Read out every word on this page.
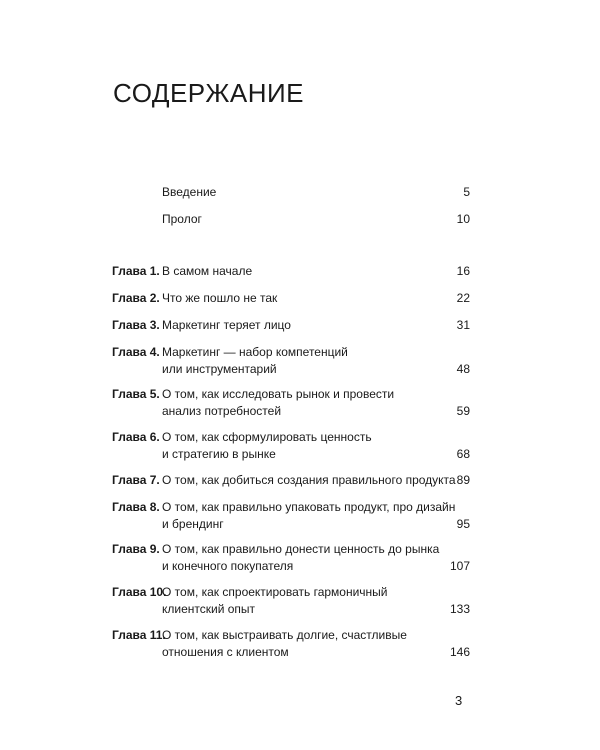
СОДЕРЖАНИЕ
Введение	5
Пролог	10
Глава 1. В самом начале	16
Глава 2. Что же пошло не так	22
Глава 3. Маркетинг теряет лицо	31
Глава 4. Маркетинг — набор компетенций
или инструментарий	48
Глава 5. О том, как исследовать рынок и провести
анализ потребностей	59
Глава 6. О том, как сформулировать ценность
и стратегию в рынке	68
Глава 7. О том, как добиться создания правильного продукта 89
Глава 8. О том, как правильно упаковать продукт, про дизайн
и брендинг	95
Глава 9. О том, как правильно донести ценность до рынка
и конечного покупателя	107
Глава 10.
О том, как спроектировать гармоничный
клиентский опыт	133
Глава 11.
О том, как выстраивать долгие, счастливые
отношения с клиентом	146
3
